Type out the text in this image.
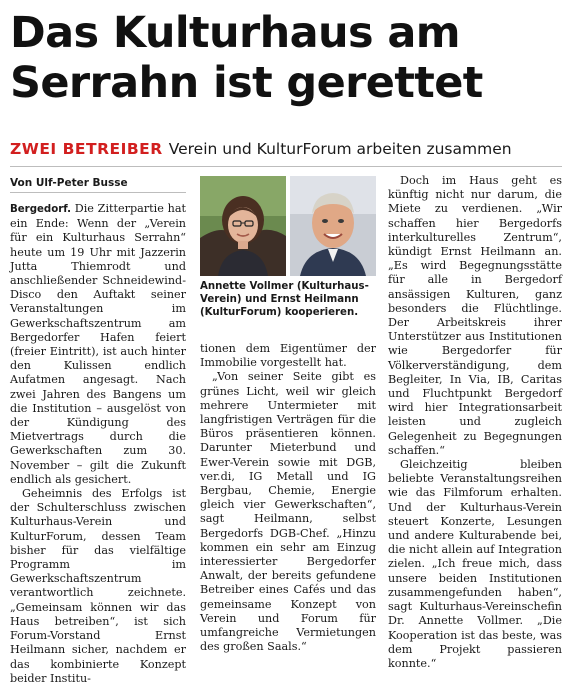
Das Kulturhaus am Serrahn ist gerettet
ZWEI BETREIBER Verein und KulturForum arbeiten zusammen
Von Ulf-Peter Busse

Bergedorf. Die Zitterpartie hat ein Ende: Wenn der „Verein für ein Kulturhaus Serrahn“ heute um 19 Uhr mit Jazzerin Jutta Thiemrodt und anschließender Schneidewind-Disco den Auftakt seiner Veranstaltungen im Gewerkschaftszentrum am Bergedorfer Hafen feiert (freier Eintritt), ist auch hinter den Kulissen endlich Aufatmen angesagt. Nach zwei Jahren des Bangens um die Institution – ausgelöst von der Kündigung des Mietvertrags durch die Gewerkschaften zum 30. November – gilt die Zukunft endlich als gesichert.

Geheimnis des Erfolgs ist der Schulterschluss zwischen Kulturhaus-Verein und KulturForum, dessen Team bisher für das vielfältige Programm im Gewerkschaftszentrum verantwortlich zeichnete. „Gemeinsam können wir das Haus betreiben“, ist sich Forum-Vorstand Ernst Heilmann sicher, nachdem er das kombinierte Konzept beider Institu-

Annette Vollmer (Kulturhaus-Verein) und Ernst Heilmann (KulturForum) kooperieren.

tionen dem Eigentümer der Immobilie vorgestellt hat.

„Von seiner Seite gibt es grünes Licht, weil wir gleich mehrere Untermieter mit langfristigen Verträgen für die Büros präsentieren können. Darunter Mieterbund und Ewer-Verein sowie mit DGB, ver.di, IG Metall und IG Bergbau, Chemie, Energie gleich vier Gewerkschaften“, sagt Heilmann, selbst Bergedorfs DGB-Chef. „Hinzu kommen ein sehr am Einzug interessierter Bergedorfer Anwalt, der bereits gefundene Betreiber eines Cafés und das gemeinsame Konzept von Verein und Forum für umfangreiche Vermietungen des großen Saals.“

Doch im Haus geht es künftig nicht nur darum, die Miete zu verdienen. „Wir schaffen hier Bergedorfs interkulturelles Zentrum“, kündigt Ernst Heilmann an. „Es wird Begegnungsstätte für alle in Bergedorf ansässigen Kulturen, ganz besonders die Flüchtlinge. Der Arbeitskreis ihrer Unterstützer aus Institutionen wie Bergedorfer für Völkerverständigung, dem Begleiter, In Via, IB, Caritas und Fluchtpunkt Bergedorf wird hier Integrationsarbeit leisten und zugleich Gelegenheit zu Begegnungen schaffen.“

Gleichzeitig bleiben beliebte Veranstaltungsreihen wie das Filmforum erhalten. Und der Kulturhaus-Verein steuert Konzerte, Lesungen und andere Kulturabende bei, die nicht allein auf Integration zielen. „Ich freue mich, dass unsere beiden Institutionen zusammengefunden haben“, sagt Kulturhaus-Vereinschefin Dr. Annette Vollmer. „Die Kooperation ist das beste, was dem Projekt passieren konnte.“
